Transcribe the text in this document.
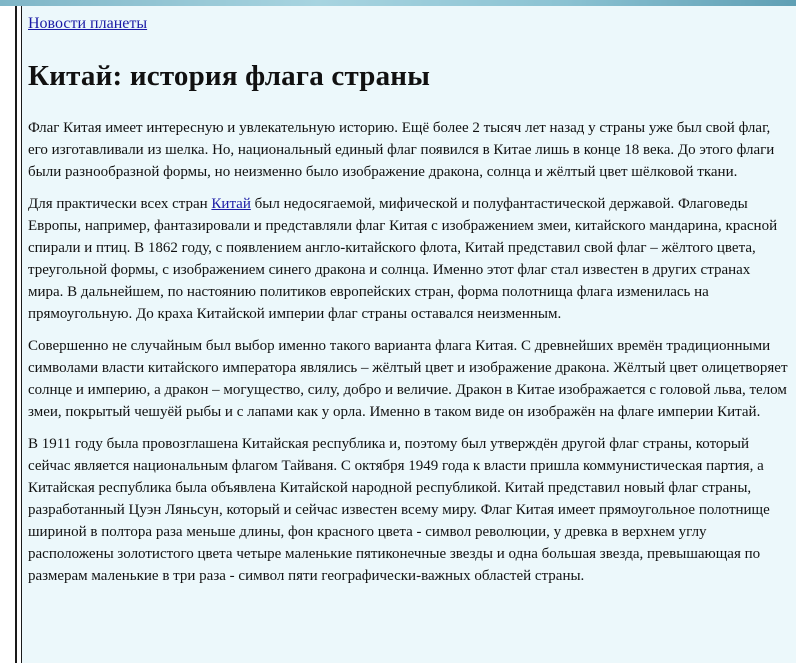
Новости планеты
Китай: история флага страны

Флаг Китая имеет интересную и увлекательную историю. Ещё более 2 тысяч лет назад у страны уже был свой флаг, его изготавливали из шелка. Но, национальный единый флаг появился в Китае лишь в конце 18 века. До этого флаги были разнообразной формы, но неизменно было изображение дракона, солнца и жёлтый цвет шёлковой ткани.

Для практически всех стран Китай был недосягаемой, мифической и полуфантастической державой. Флаговеды Европы, например, фантазировали и представляли флаг Китая с изображением змеи, китайского мандарина, красной спирали и птиц. В 1862 году, с появлением англо-китайского флота, Китай представил свой флаг – жёлтого цвета, треугольной формы, с изображением синего дракона и солнца. Именно этот флаг стал известен в других странах мира. В дальнейшем, по настоянию политиков европейских стран, форма полотнища флага изменилась на прямоугольную. До краха Китайской империи флаг страны оставался неизменным.

Совершенно не случайным был выбор именно такого варианта флага Китая. С древнейших времён традиционными символами власти китайского императора являлись – жёлтый цвет и изображение дракона. Жёлтый цвет олицетворяет солнце и империю, а дракон – могущество, силу, добро и величие. Дракон в Китае изображается с головой льва, телом змеи, покрытый чешуёй рыбы и с лапами как у орла. Именно в таком виде он изображён на флаге империи Китай.

В 1911 году была провозглашена Китайская республика и, поэтому был утверждён другой флаг страны, который сейчас является национальным флагом Тайваня. С октября 1949 года к власти пришла коммунистическая партия, а Китайская республика была объявлена Китайской народной республикой. Китай представил новый флаг страны, разработанный Цуэн Ляньсун, который и сейчас известен всему миру. Флаг Китая имеет прямоугольное полотнище шириной в полтора раза меньше длины, фон красного цвета - символ революции, у древка в верхнем углу расположены золотистого цвета четыре маленькие пятиконечные звезды и одна большая звезда, превышающая по размерам маленькие в три раза - символ пяти географически-важных областей страны.
